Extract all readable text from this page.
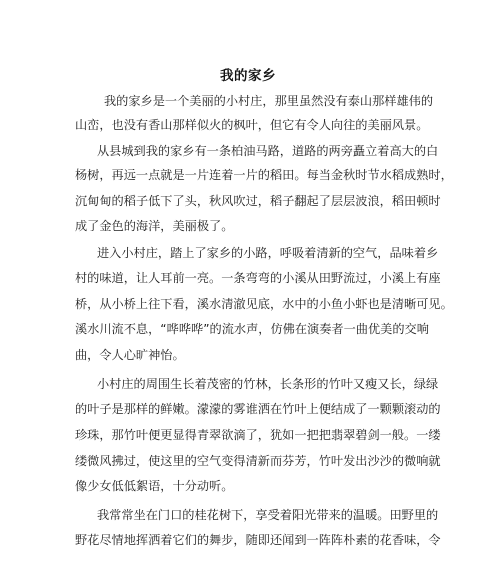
我的家乡
我的家乡是一个美丽的小村庄，那里虽然没有泰山那样雄伟的
山峦，也没有香山那样似火的枫叶，但它有令人向往的美丽风景。
从县城到我的家乡有一条柏油马路，道路的两旁矗立着高大的白
杨树，再远一点就是一片连着一片的稻田。每当金秋时节水稻成熟时，
沉甸甸的稻子低下了头，秋风吹过，稻子翻起了层层波浪，稻田顿时
成了金色的海洋，美丽极了。
进入小村庄，踏上了家乡的小路，呼吸着清新的空气，品味着乡
村的味道，让人耳前一亮。一条弯弯的小溪从田野流过，小溪上有座
桥，从小桥上往下看，溪水清澈见底，水中的小鱼小虾也是清晰可见。
溪水川流不息，“哗哗哗”的流水声，仿佛在演奏者一曲优美的交响
曲，令人心旷神怡。
小村庄的周围生长着茂密的竹林，长条形的竹叶又瘦又长，绿绿
的叶子是那样的鲜嫩。濛濛的雾谁洒在竹叶上便结成了一颗颗滚动的
珍珠，那竹叶便更显得青翠欲滴了，犹如一把把翡翠碧剑一般。一缕
缕微风拂过，使这里的空气变得清新而芬芳，竹叶发出沙沙的微响就
像少女低低絮语，十分动听。
我常常坐在门口的桂花树下，享受着阳光带来的温暖。田野里的
野花尽情地挥洒着它们的舞步，随即还闻到一阵阵朴素的花香味，令
